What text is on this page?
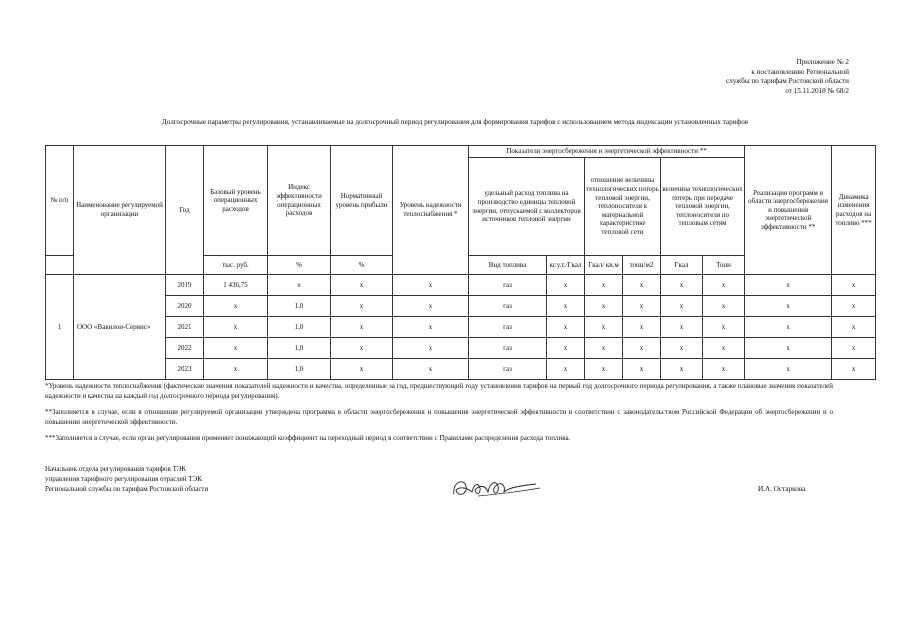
Приложение № 2
к постановлению Региональной
службы по тарифам Ростовской области
от 15.11.2018 № 68/2
Долгосрочные параметры регулирования, устанавливаемые на долгосрочный период регулирования для формирования тарифов с использованием метода индексации установленных тарифов
№ п/п	Наименование регулируемой организации	Год	Базовый уровень операционных расходов	Индекс эффективности операционных расходов	Нормативный уровень прибыли	Уровень надежности теплоснабжения *	Показатели энергосбережения и энергетической эффективности **						Реализация программ в области энергосбережения и повышения энергетической эффективности **	Динамика изменения расходов на топливо ***
							удельный расход топлива на производство единицы тепловой энергии, отпускаемой с коллекторов источников тепловой энергии		отношение величины технологических потерь тепловой энергии, теплоносителя к материальной характеристике тепловой сети		величина технологических потерь при передаче тепловой энергии, теплоносителя по тепловым сетям			

			тыс. руб.	%	%		Вид топлива	кг.у.т./Гкал	Гкал/ кв.м	тонн/м2	Гкал	Тонн		
1	ООО «Вавилон-Сервис»	2019	1 436,75	х	х	х	газ	х	х	х	х	х	х	х
		2020	х	1,0	х	х	газ	х	х	х	х	х	х	х
		2021	х	1,0	х	х	газ	х	х	х	х	х	х	х
		2022	х	1,0	х	х	газ	х	х	х	х	х	х	х
		2023	х	1,0	х	х	газ	х	х	х	х	х	х	х

*Уровень надежности теплоснабжения (фактические значения показателей надежности и качества, определенные за год, предшествующий году установления тарифов на первый год долгосрочного периода регулирования, а также плановые значения показателей надежности и качества на каждый год долгосрочного периода регулирования).

**Заполняется в случае, если в отношении регулируемой организации утверждена программа в области энергосбережения и повышения энергетической эффективности в соответствии с законодательством Российской Федерации об энергосбережении и о повышении энергетической эффективности.

***Заполняется в случае, если орган регулирования применяет понижающий коэффициент на переходный период в соответствии с Правилами распределения расхода топлива.

Начальник отдела регулирования тарифов ТЭК
управления тарифного регулирования отраслей ТЭК
Региональной службы по тарифам Ростовской области	И.А. Остаркова
